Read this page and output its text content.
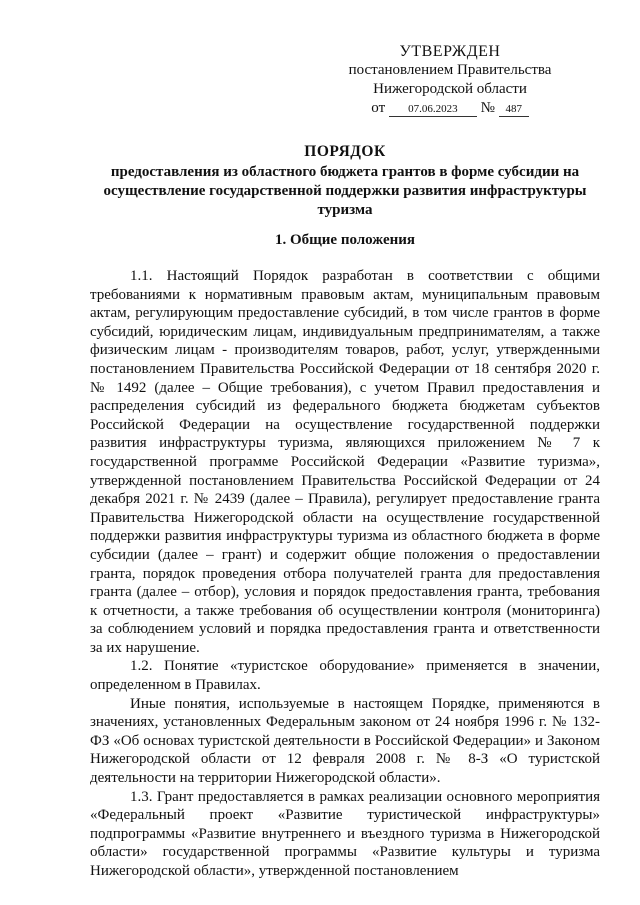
УТВЕРЖДЕН
постановлением Правительства
Нижегородской области
от 07.06.2023 № 487
ПОРЯДОК
предоставления из областного бюджета грантов в форме субсидии на осуществление государственной поддержки развития инфраструктуры туризма
1. Общие положения

1.1. Настоящий Порядок разработан в соответствии с общими требованиями к нормативным правовым актам, муниципальным правовым актам, регулирующим предоставление субсидий, в том числе грантов в форме субсидий, юридическим лицам, индивидуальным предпринимателям, а также физическим лицам - производителям товаров, работ, услуг, утвержденными постановлением Правительства Российской Федерации от 18 сентября 2020 г. № 1492 (далее – Общие требования), с учетом Правил предоставления и распределения субсидий из федерального бюджета бюджетам субъектов Российской Федерации на осуществление государственной поддержки развития инфраструктуры туризма, являющихся приложением № 7 к государственной программе Российской Федерации «Развитие туризма», утвержденной постановлением Правительства Российской Федерации от 24 декабря 2021 г. № 2439 (далее – Правила), регулирует предоставление гранта Правительства Нижегородской области на осуществление государственной поддержки развития инфраструктуры туризма из областного бюджета в форме субсидии (далее – грант) и содержит общие положения о предоставлении гранта, порядок проведения отбора получателей гранта для предоставления гранта (далее – отбор), условия и порядок предоставления гранта, требования к отчетности, а также требования об осуществлении контроля (мониторинга) за соблюдением условий и порядка предоставления гранта и ответственности за их нарушение.

1.2. Понятие «туристское оборудование» применяется в значении, определенном в Правилах.

Иные понятия, используемые в настоящем Порядке, применяются в значениях, установленных Федеральным законом от 24 ноября 1996 г. № 132-ФЗ «Об основах туристской деятельности в Российской Федерации» и Законом Нижегородской области от 12 февраля 2008 г. № 8-З «О туристской деятельности на территории Нижегородской области».

1.3. Грант предоставляется в рамках реализации основного мероприятия «Федеральный проект «Развитие туристической инфраструктуры» подпрограммы «Развитие внутреннего и въездного туризма в Нижегородской области» государственной программы «Развитие культуры и туризма Нижегородской области», утвержденной постановлением
